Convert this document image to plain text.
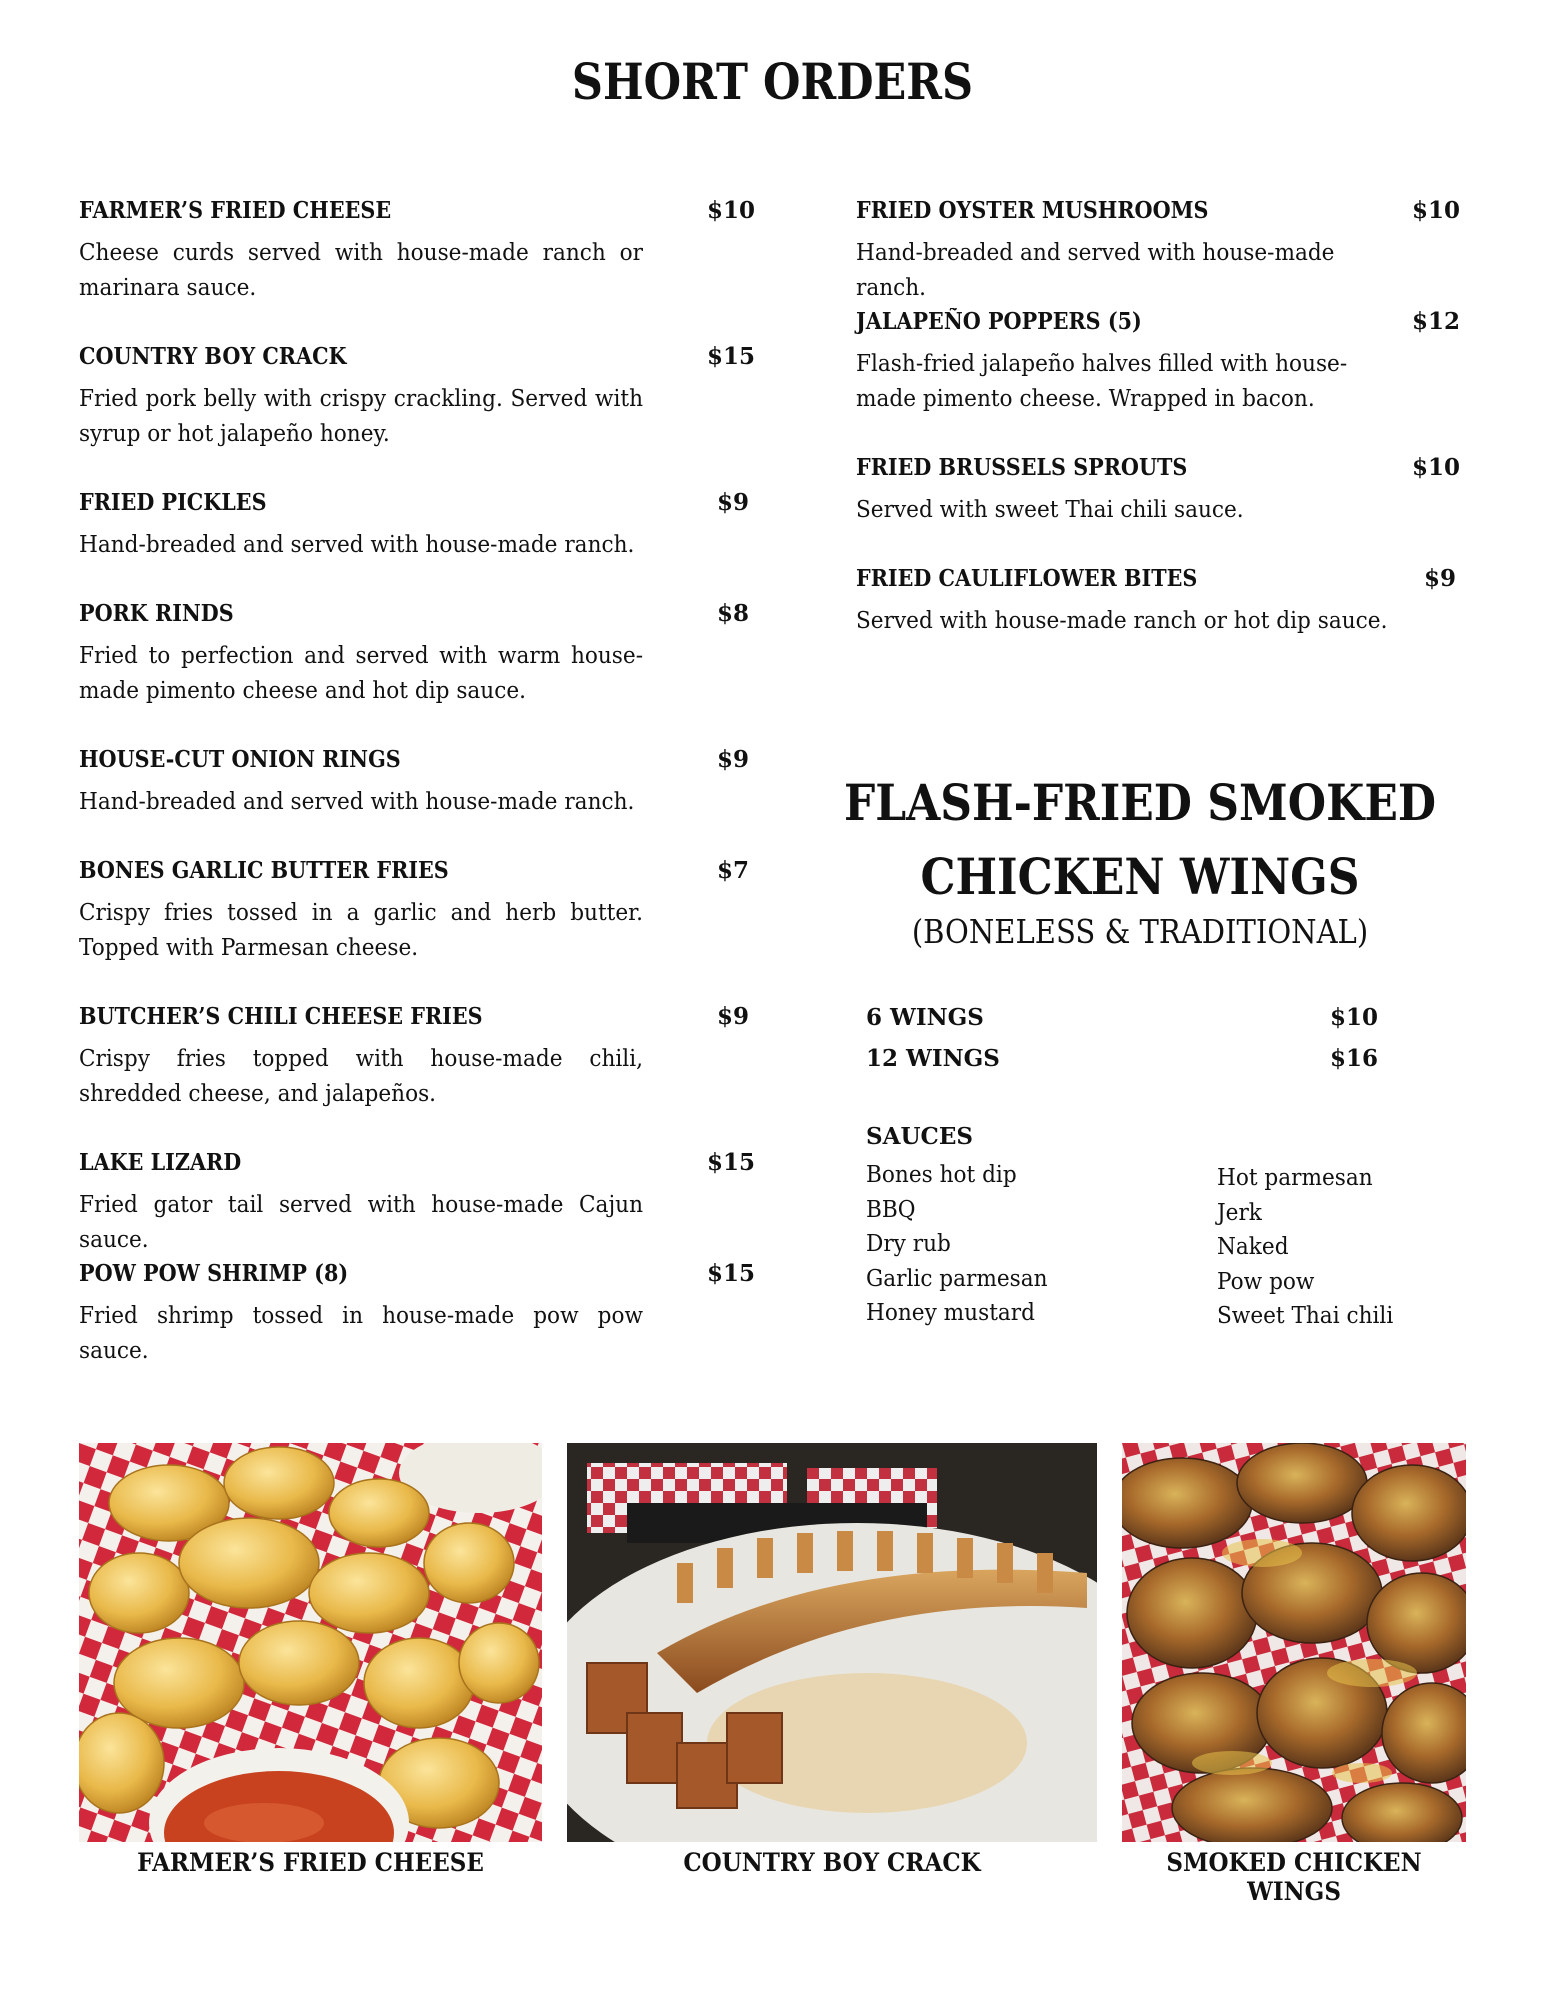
SHORT ORDERS
FARMER’S FRIED CHEESE	$10
Cheese curds served with house-made ranch or marinara sauce.
COUNTRY BOY CRACK	$15
Fried pork belly with crispy crackling. Served with syrup or hot jalapeño honey.
FRIED PICKLES	$9
Hand-breaded and served with house-made ranch.
PORK RINDS	$8
Fried to perfection and served with warm house-made pimento cheese and hot dip sauce.
HOUSE-CUT ONION RINGS	$9
Hand-breaded and served with house-made ranch.
BONES GARLIC BUTTER FRIES	$7
Crispy fries tossed in a garlic and herb butter. Topped with Parmesan cheese.
BUTCHER’S CHILI CHEESE FRIES	$9
Crispy fries topped with house-made chili, shredded cheese, and jalapeños.
LAKE LIZARD	$15
Fried gator tail served with house-made Cajun sauce.
POW POW SHRIMP (8)	$15
Fried shrimp tossed in house-made pow pow sauce.
FRIED OYSTER MUSHROOMS	$10
Hand-breaded and served with house-made ranch.
JALAPEÑO POPPERS (5)	$12
Flash-fried jalapeño halves filled with house-made pimento cheese. Wrapped in bacon.
FRIED BRUSSELS SPROUTS	$10
Served with sweet Thai chili sauce.
FRIED CAULIFLOWER BITES	$9
Served with house-made ranch or hot dip sauce.
FLASH-FRIED SMOKED
CHICKEN WINGS
(BONELESS & TRADITIONAL)
6 WINGS	$10
12 WINGS	$16
SAUCES
Bones hot dip
BBQ
Dry rub
Garlic parmesan
Honey mustard
Hot parmesan
Jerk
Naked
Pow pow
Sweet Thai chili
FARMER’S FRIED CHEESE	COUNTRY BOY CRACK	SMOKED CHICKEN WINGS
